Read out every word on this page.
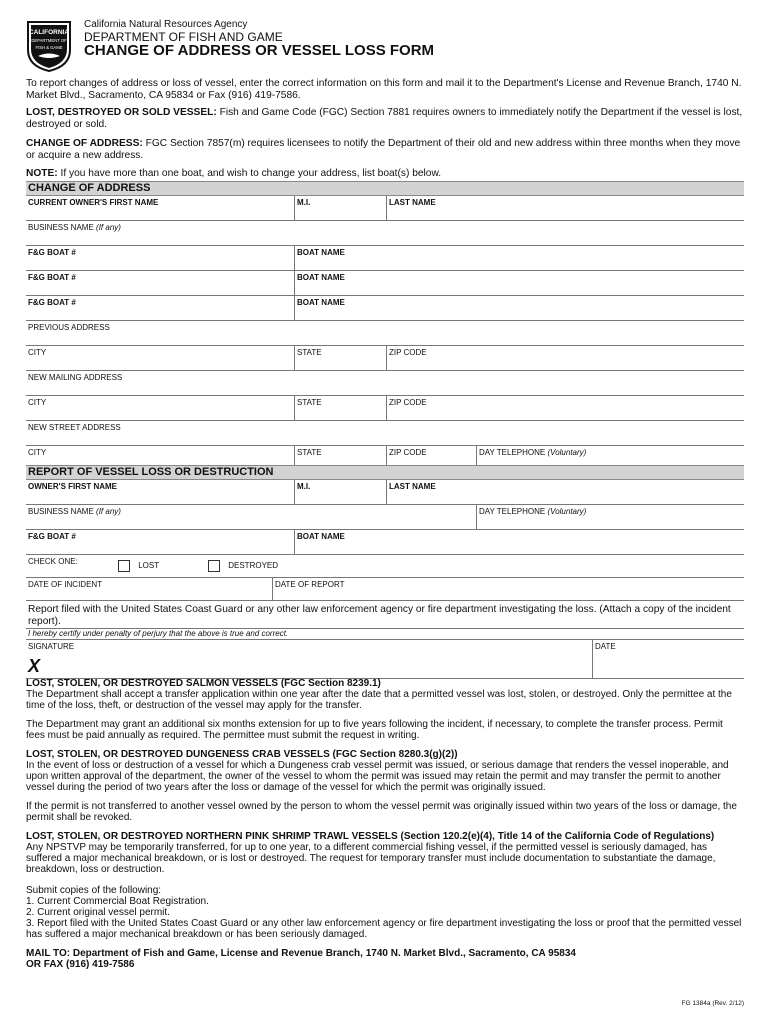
CALIFORNIA
DEPARTMENT OF
FISH & GAME
California Natural Resources Agency
DEPARTMENT OF FISH AND GAME
CHANGE OF ADDRESS OR VESSEL LOSS FORM
To report changes of address or loss of vessel, enter the correct information on this form and mail it to the Department's License and Revenue Branch, 1740 N. Market Blvd., Sacramento, CA 95834 or Fax (916) 419-7586.
LOST, DESTROYED OR SOLD VESSEL: Fish and Game Code (FGC) Section 7881 requires owners to immediately notify the Department if the vessel is lost, destroyed or sold.
CHANGE OF ADDRESS: FGC Section 7857(m) requires licensees to notify the Department of their old and new address within three months when they move or acquire a new address.
NOTE: If you have more than one boat, and wish to change your address, list boat(s) below.
CHANGE OF ADDRESS
CURRENT OWNER'S FIRST NAME	M.I.	LAST NAME
BUSINESS NAME (If any)
F&G BOAT #	BOAT NAME
F&G BOAT #	BOAT NAME
F&G BOAT #	BOAT NAME
PREVIOUS ADDRESS
CITY	STATE	ZIP CODE
NEW MAILING ADDRESS
CITY	STATE	ZIP CODE
NEW STREET ADDRESS
CITY	STATE	ZIP CODE	DAY TELEPHONE (Voluntary)
REPORT OF VESSEL LOSS OR DESTRUCTION
OWNER'S FIRST NAME	M.I.	LAST NAME
BUSINESS NAME (If any)	DAY TELEPHONE (Voluntary)
F&G BOAT #	BOAT NAME
CHECK ONE:	LOST	DESTROYED
DATE OF INCIDENT	DATE OF REPORT
Report filed with the United States Coast Guard or any other law enforcement agency or fire department investigating the loss. (Attach a copy of the incident report).
I hereby certify under penalty of perjury that the above is true and correct.
SIGNATURE
X
DATE

LOST, STOLEN, OR DESTROYED SALMON VESSELS (FGC Section 8239.1)
The Department shall accept a transfer application within one year after the date that a permitted vessel was lost, stolen, or destroyed. Only the permittee at the time of the loss, theft, or destruction of the vessel may apply for the transfer.

The Department may grant an additional six months extension for up to five years following the incident, if necessary, to complete the transfer process. Permit fees must be paid annually as required. The permittee must submit the request in writing.

LOST, STOLEN, OR DESTROYED DUNGENESS CRAB VESSELS (FGC Section 8280.3(g)(2))
In the event of loss or destruction of a vessel for which a Dungeness crab vessel permit was issued, or serious damage that renders the vessel inoperable, and upon written approval of the department, the owner of the vessel to whom the permit was issued may retain the permit and may transfer the permit to another vessel during the period of two years after the loss or damage of the vessel for which the permit was originally issued.

If the permit is not transferred to another vessel owned by the person to whom the vessel permit was originally issued within two years of the loss or damage, the permit shall be revoked.

LOST, STOLEN, OR DESTROYED NORTHERN PINK SHRIMP TRAWL VESSELS (Section 120.2(e)(4), Title 14 of the California Code of Regulations)
Any NPSTVP may be temporarily transferred, for up to one year, to a different commercial fishing vessel, if the permitted vessel is seriously damaged, has suffered a major mechanical breakdown, or is lost or destroyed. The request for temporary transfer must include documentation to substantiate the damage, breakdown, loss or destruction.

Submit copies of the following:
1. Current Commercial Boat Registration.
2. Current original vessel permit.
3. Report filed with the United States Coast Guard or any other law enforcement agency or fire department investigating the loss or proof that the permitted vessel has suffered a major mechanical breakdown or has been seriously damaged.

MAIL TO: Department of Fish and Game, License and Revenue Branch, 1740 N. Market Blvd., Sacramento, CA 95834
OR FAX (916) 419-7586

FG 1384a (Rev. 2/12)
